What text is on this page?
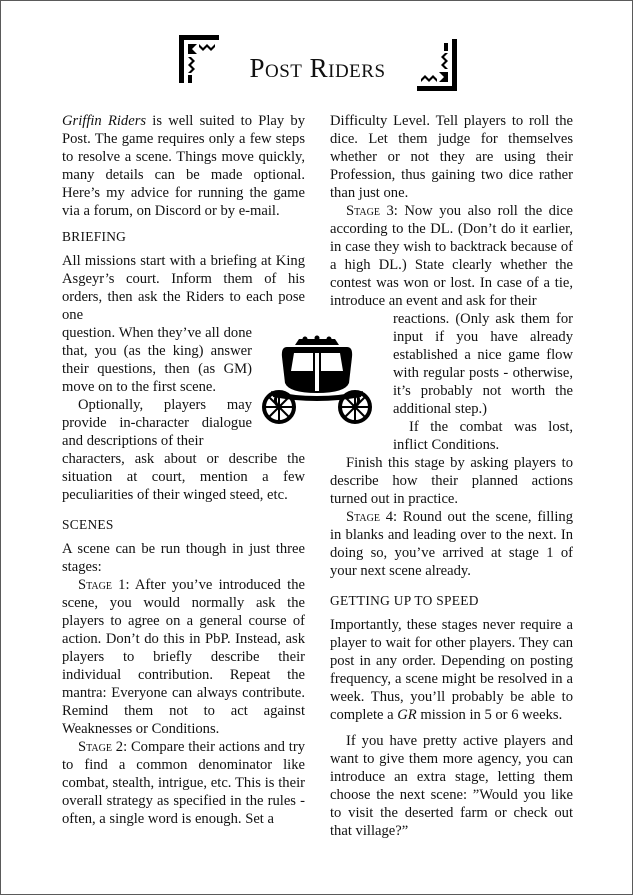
Post Riders

Griffin Riders is well suited to Play by Post. The game requires only a few steps to resolve a scene. Things move quickly, many details can be made optional. Here’s my advice for running the game via a forum, on Discord or by e-mail.

BRIEFING

All missions start with a briefing at King Asgeyr’s court. Inform them of his orders, then ask the Riders to each pose one

question. When they’ve all done that, you (as the king) answer their questions, then (as GM) move on to the first scene.

Optionally, players may provide in-character dialogue and descriptions of their

characters, ask about or describe the situation at court, mention a few peculiarities of their winged steed, etc.

SCENES

A scene can be run though in just three stages:

Stage 1: After you’ve introduced the scene, you would normally ask the players to agree on a general course of action. Don’t do this in PbP. Instead, ask players to briefly describe their individual contribution. Repeat the mantra: Everyone can always contribute. Remind them not to act against Weaknesses or Conditions.

Stage 2: Compare their actions and try to find a common denominator like combat, stealth, intrigue, etc. This is their overall strategy as specified in the rules - often, a single word is enough. Set a

Difficulty Level. Tell players to roll the dice. Let them judge for themselves whether or not they are using their Profession, thus gaining two dice rather than just one.

Stage 3: Now you also roll the dice according to the DL. (Don’t do it earlier, in case they wish to backtrack because of a high DL.) State clearly whether the contest was won or lost. In case of a tie, introduce an event and ask for their

reactions. (Only ask them for input if you have already established a nice game flow with regular posts - otherwise, it’s probably not worth the additional step.)

If the combat was lost, inflict Conditions.

Finish this stage by asking players to describe how their planned actions turned out in practice.

Stage 4: Round out the scene, filling in blanks and leading over to the next. In doing so, you’ve arrived at stage 1 of your next scene already.

GETTING UP TO SPEED

Importantly, these stages never require a player to wait for other players. They can post in any order. Depending on posting frequency, a scene might be resolved in a week. Thus, you’ll probably be able to complete a GR mission in 5 or 6 weeks.

If you have pretty active players and want to give them more agency, you can introduce an extra stage, letting them choose the next scene: ”Would you like to visit the deserted farm or check out that village?”
